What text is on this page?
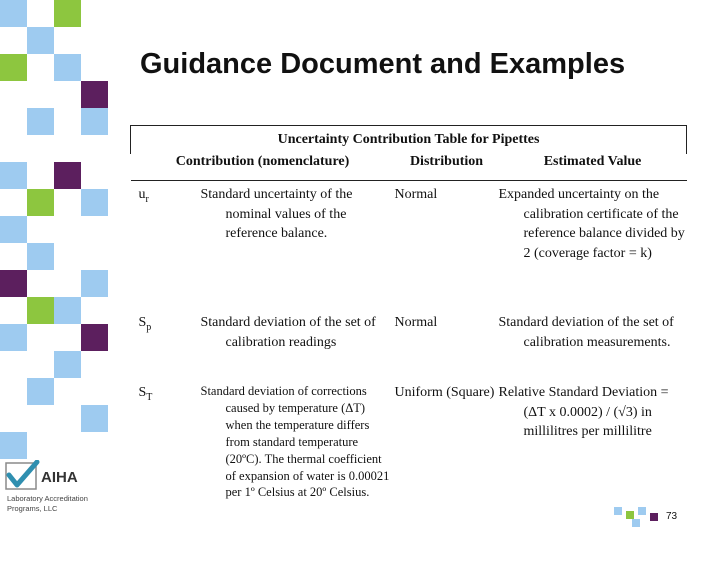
Guidance Document and Examples
Uncertainty Contribution Table for Pipettes			
Contribution (nomenclature)		Distribution	Estimated Value
$u_r$	Standard uncertainty of the nominal values of the reference balance.	Normal	Expanded uncertainty on the calibration certificate of the reference balance divided by 2 (coverage factor = k)

$S_p$	Standard deviation of the set of calibration readings	Normal	Standard deviation of the set of calibration measurements.

$S_T$	Standard deviation of corrections caused by temperature (ΔT) when the temperature differs from standard temperature (20ºC). The thermal coefficient of expansion of water is 0.00021 per 1º Celsius at 20º Celsius.	Uniform (Square)	Relative Standard Deviation = (ΔT x 0.0002) / (√3) in millilitres per millilitre
AIHA
Laboratory Accreditation
Programs, LLC
73
